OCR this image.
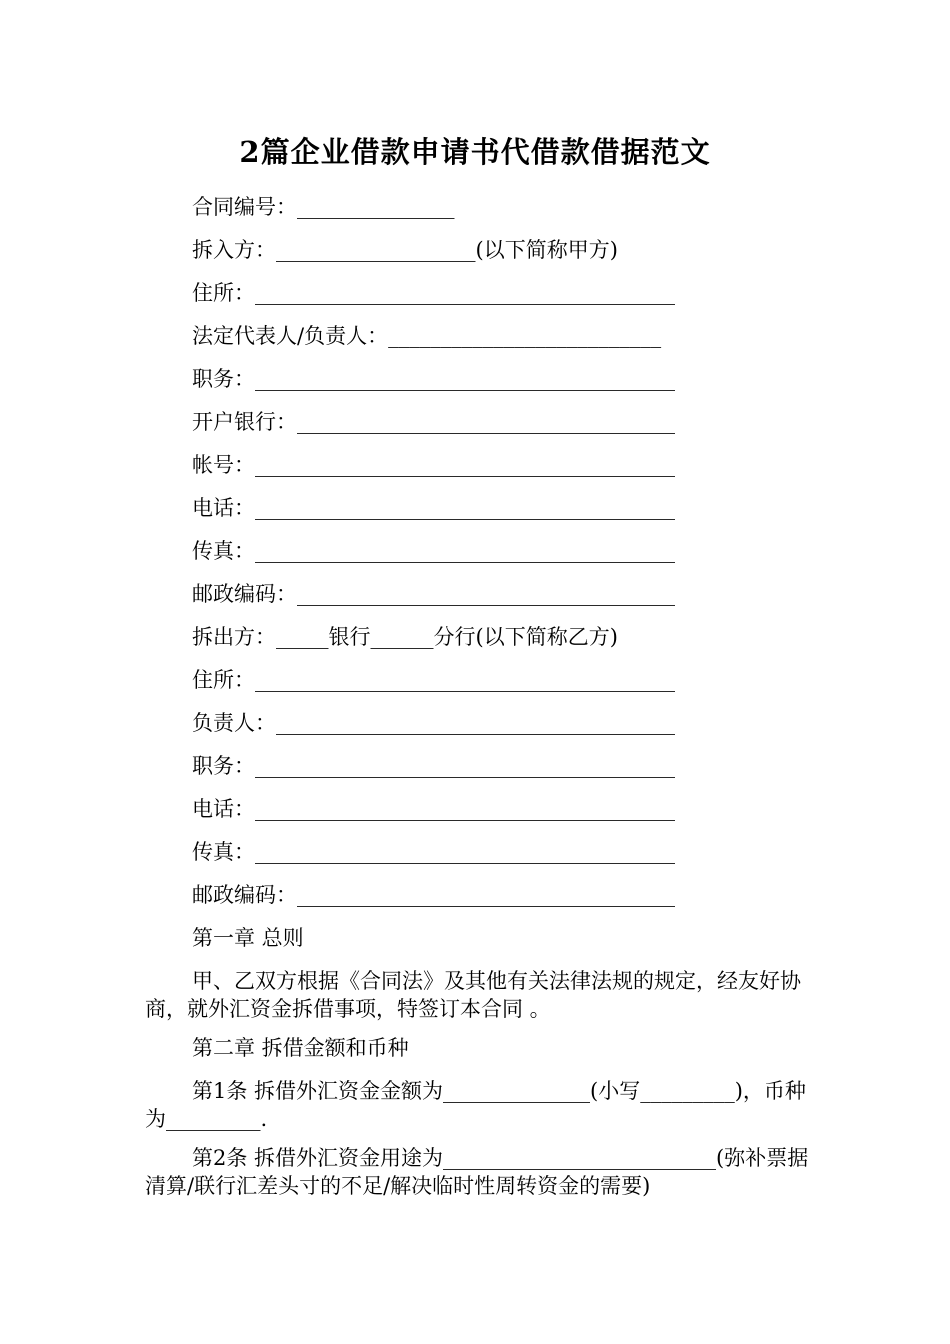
2篇企业借款申请书代借款借据范文
合同编号：_______________
拆入方：___________________(以下简称甲方)
住所：________________________________________
法定代表人/负责人：__________________________
职务：________________________________________
开户银行：____________________________________
帐号：________________________________________
电话：________________________________________
传真：________________________________________
邮政编码：____________________________________
拆出方：_____银行______分行(以下简称乙方)
住所：________________________________________
负责人：______________________________________
职务：________________________________________
电话：________________________________________
传真：________________________________________
邮政编码：____________________________________
第一章 总则
甲、乙双方根据《合同法》及其他有关法律法规的规定，经友好协商，就外汇资金拆借事项，特签订本合同 。
第二章 拆借金额和币种
第1条 拆借外汇资金金额为______________(小写_________)，币种为_________.
第2条 拆借外汇资金用途为__________________________(弥补票据清算/联行汇差头寸的不足/解决临时性周转资金的需要)
